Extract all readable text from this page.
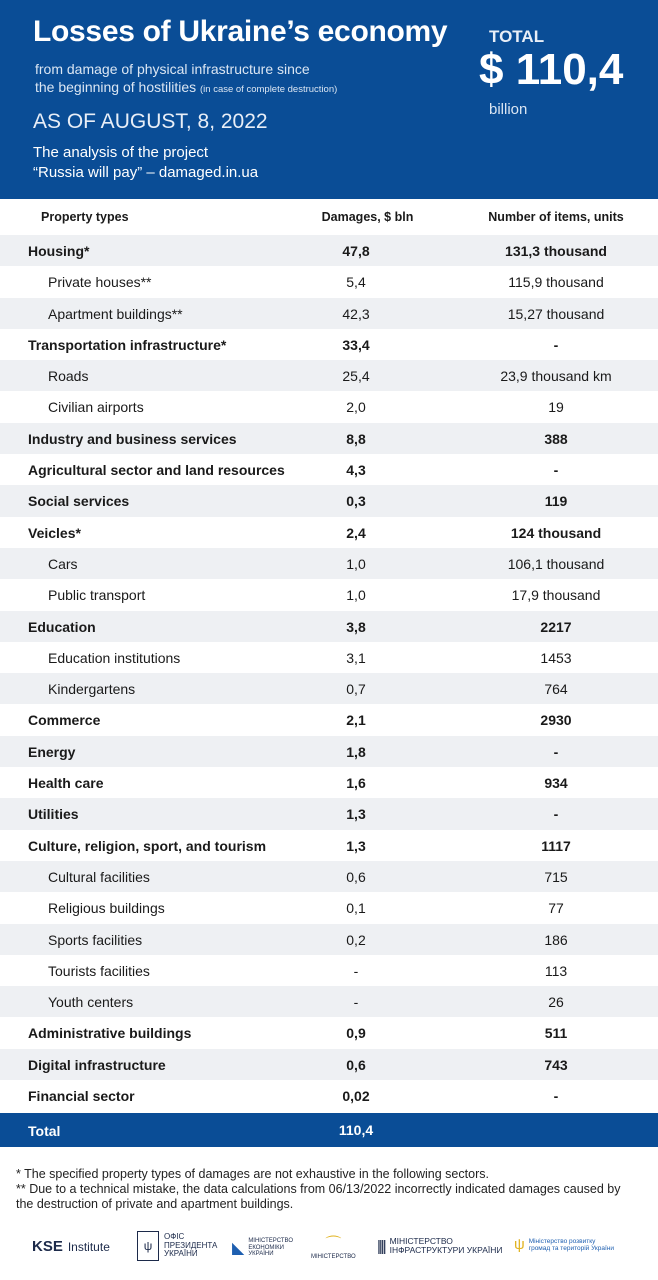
Losses of Ukraine’s economy
from damage of physical infrastructure since
the beginning of hostilities (in case of complete destruction)
AS OF AUGUST, 8, 2022
The analysis of the project
“Russia will pay” – damaged.in.ua
TOTAL
$ 110,4
billion
Property types	Damages, $ bln	Number of items, units
Housing*	47,8	131,3 thousand
Private houses**	5,4	115,9 thousand
Apartment buildings**	42,3	15,27 thousand
Transportation infrastructure*	33,4	-
Roads	25,4	23,9 thousand km
Civilian airports	2,0	19
Industry and business services	8,8	388
Agricultural sector and land resources	4,3	-
Social services	0,3	119
Veicles*	2,4	124 thousand
Cars	1,0	106,1 thousand
Public transport	1,0	17,9 thousand
Education	3,8	2217
Education institutions	3,1	1453
Kindergartens	0,7	764
Commerce	2,1	2930
Energy	1,8	-
Health care	1,6	934
Utilities	1,3	-
Culture, religion, sport, and tourism	1,3	1117
Cultural facilities	0,6	715
Religious buildings	0,1	77
Sports facilities	0,2	186
Tourists facilities	-	113
Youth centers	-	26
Administrative buildings	0,9	511
Digital infrastructure	0,6	743
Financial sector	0,02	-
Total	110,4
* The specified property types of damages are not exhaustive in the following sectors.
** Due to a technical mistake, the data calculations from 06/13/2022 incorrectly indicated damages caused by the destruction of private and apartment buildings.
KSE Institute	ψ
ОФІС
ПРЕЗИДЕНТА
УКРАЇНИ	◣ МІНІСТЕРСТВО
ЕКОНОМІКИ
УКРАЇНИ
⌒
МІНІСТЕРСТВО
|||| МІНІСТЕРСТВО
ІНФРАСТРУКТУРИ УКРАЇНИ ψ Міністерство розвитку
громад та територій України
